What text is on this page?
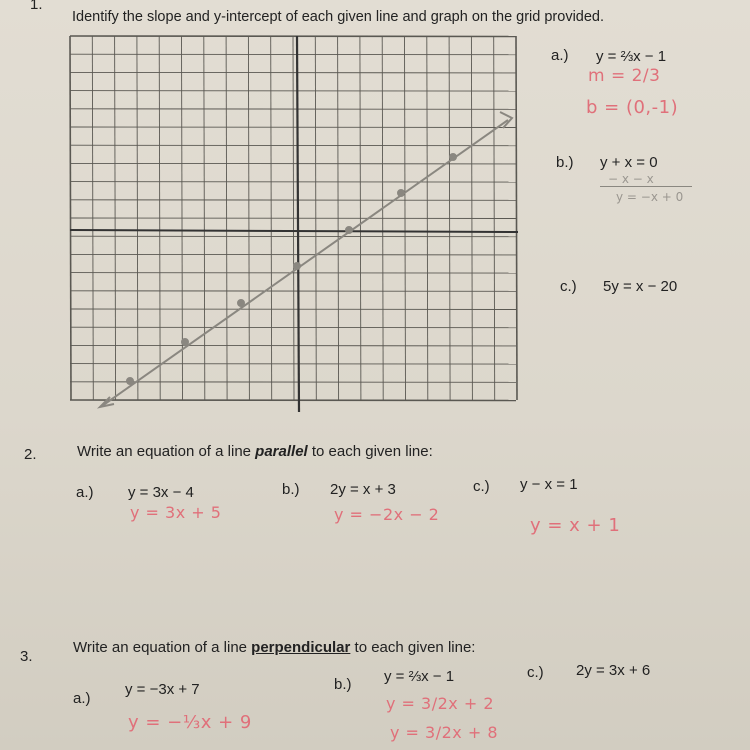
1.
Identify the slope and y-intercept of each given line and graph on the grid provided.
a.) y = ⅔x − 1
m = 2/3
b = (0,-1)
b.) y + x = 0
− x − x
y = −x + 0
c.) 5y = x − 20
2.	Write an equation of a line parallel to each given line:
a.) y = 3x − 4
y = 3x + 5
b.) 2y = x + 3
y = −2x − 2
c.) y − x = 1
y = x + 1
3.
Write an equation of a line perpendicular to each given line:
a.)
y = −3x + 7
y = −⅓x + 9
b.) y = ⅔x − 1
y = 3/2x + 2
y = 3/2x + 8
c.) 2y = 3x + 6
